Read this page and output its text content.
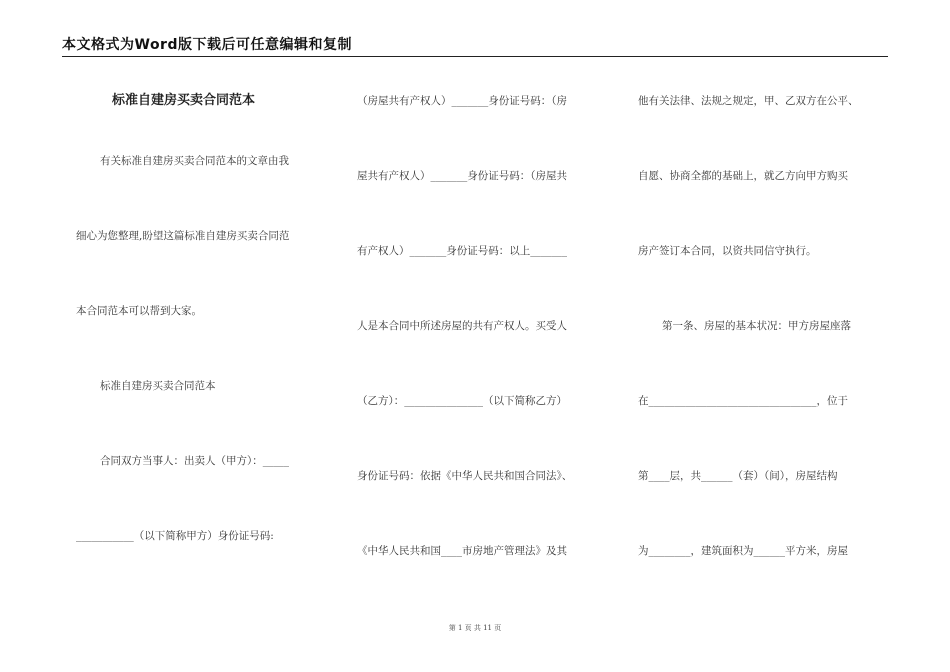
本文格式为Word版下载后可任意编辑和复制
标准自建房买卖合同范本
有关标准自建房买卖合同范本的文章由我
细心为您整理,盼望这篇标准自建房买卖合同范
本合同范本可以帮到大家。
标准自建房买卖合同范本
合同双方当事人：出卖人（甲方）：_____
___________（以下简称甲方）身份证号码:
（房屋共有产权人）_______身份证号码：（房
屋共有产权人）_______身份证号码：（房屋共
有产权人）_______身份证号码：以上_______
人是本合同中所述房屋的共有产权人。买受人
（乙方）：_______________（以下简称乙方）
身份证号码：依据《中华人民共和国合同法》、
《中华人民共和国____市房地产管理法》及其
他有关法律、法规之规定，甲、乙双方在公平、
自愿、协商全都的基础上，就乙方向甲方购买
房产签订本合同，以资共同信守执行。
第一条、房屋的基本状况：甲方房屋座落
在________________________________，位于
第____层，共______（套）（间），房屋结构
为________，建筑面积为______平方米，房屋
第 1 页 共 11 页
